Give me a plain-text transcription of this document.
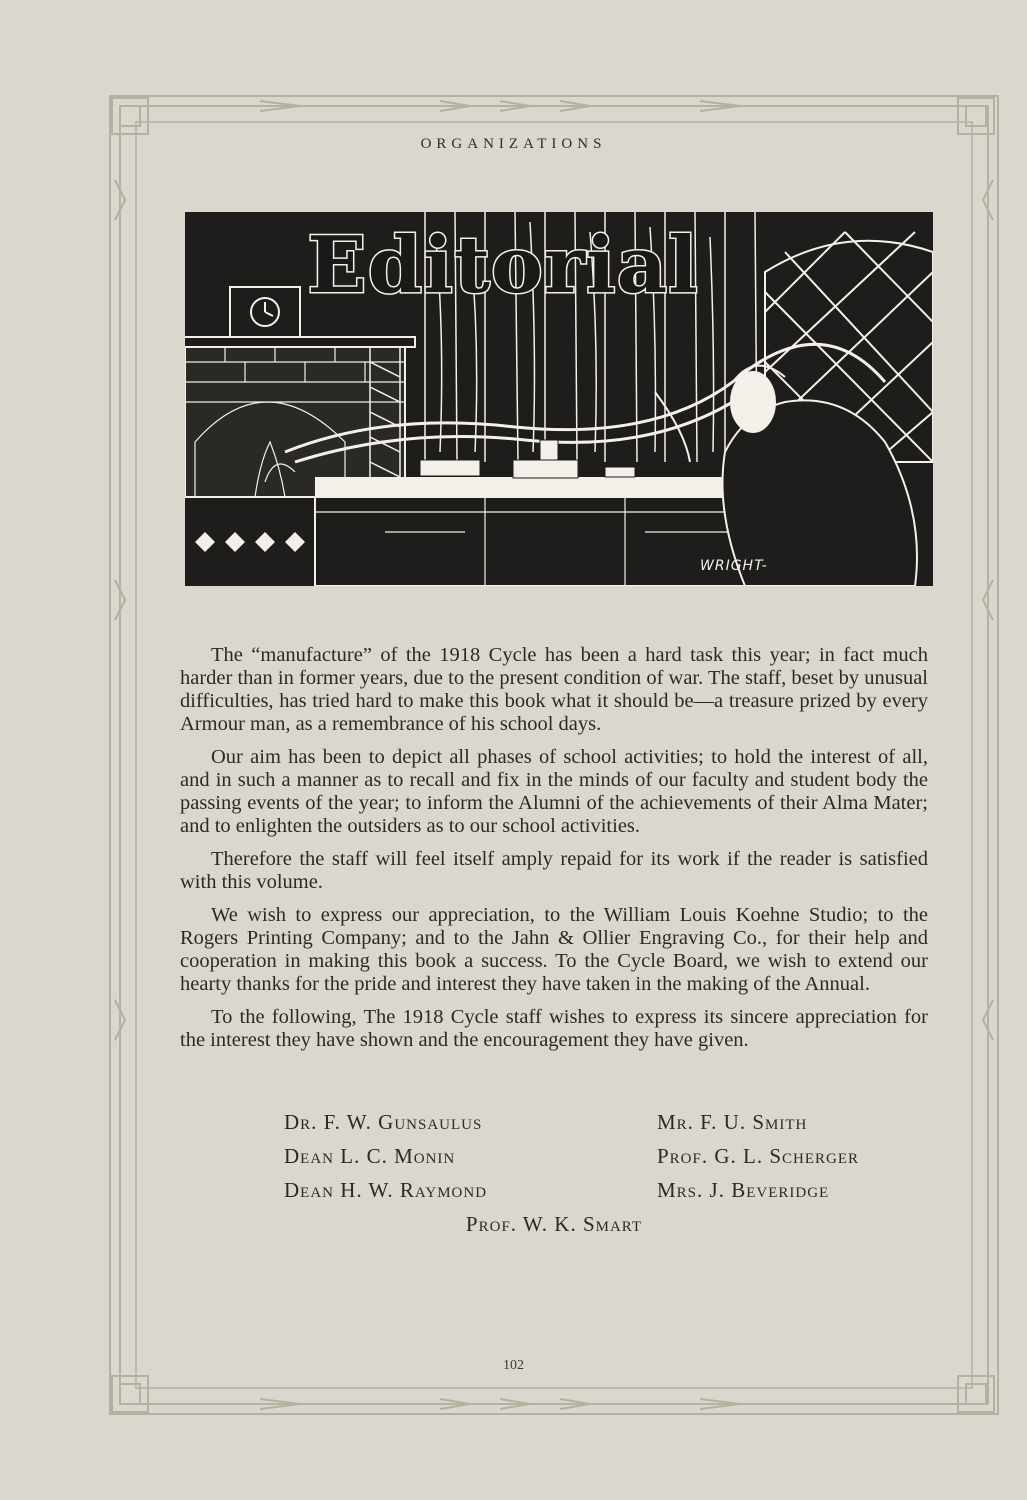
ORGANIZATIONS
WRIGHT-
Editorial

The “manufacture” of the 1918 Cycle has been a hard task this year; in fact much harder than in former years, due to the present condition of war. The staff, beset by unusual difficulties, has tried hard to make this book what it should be—a treasure prized by every Armour man, as a remembrance of his school days.

Our aim has been to depict all phases of school activities; to hold the interest of all, and in such a manner as to recall and fix in the minds of our faculty and student body the passing events of the year; to inform the Alumni of the achievements of their Alma Mater; and to enlighten the outsiders as to our school activities.

Therefore the staff will feel itself amply repaid for its work if the reader is satisfied with this volume.

We wish to express our appreciation, to the William Louis Koehne Studio; to the Rogers Printing Company; and to the Jahn & Ollier Engraving Co., for their help and cooperation in making this book a success. To the Cycle Board, we wish to extend our hearty thanks for the pride and interest they have taken in the making of the Annual.

To the following, The 1918 Cycle staff wishes to express its sincere appreciation for the interest they have shown and the encouragement they have given.

Dr. F. W. Gunsaulus	Mr. F. U. Smith
Dean L. C. Monin	Prof. G. L. Scherger
Dean H. W. Raymond	Mrs. J. Beveridge
Prof. W. K. Smart
102
